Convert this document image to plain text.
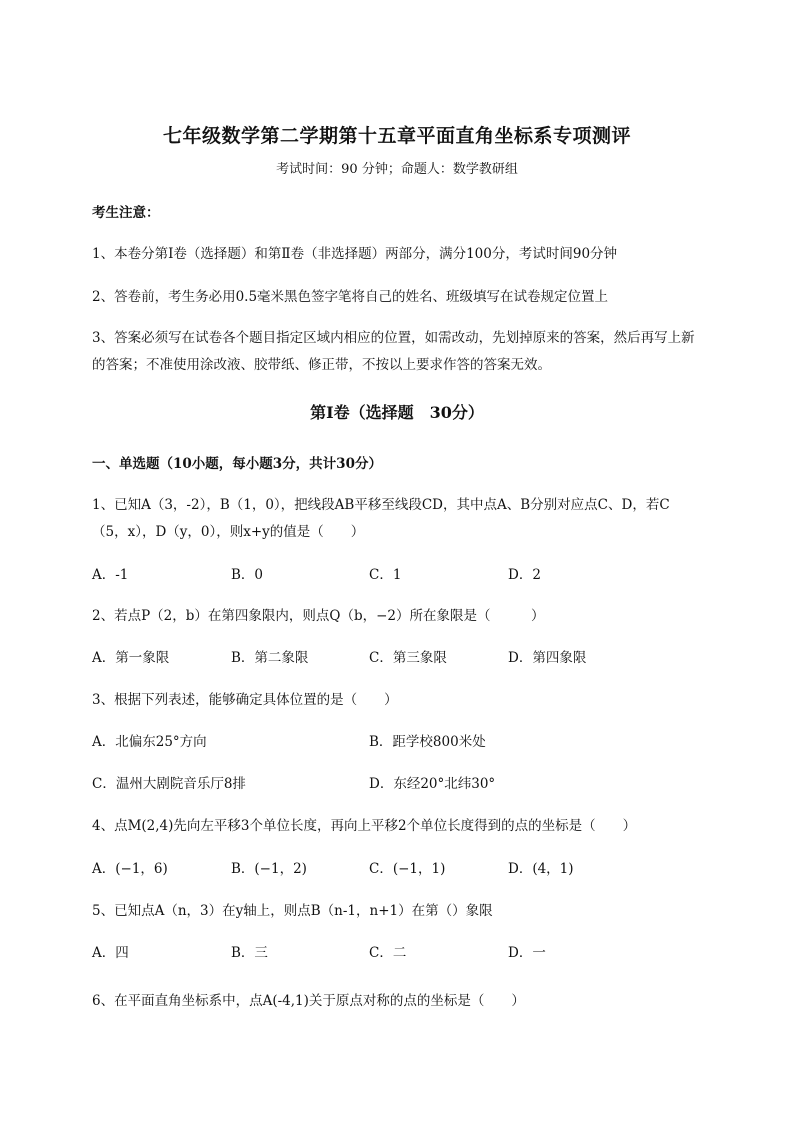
七年级数学第二学期第十五章平面直角坐标系专项测评
考试时间：90 分钟；命题人：数学教研组
考生注意：
1、本卷分第Ⅰ卷（选择题）和第Ⅱ卷（非选择题）两部分，满分100分，考试时间90分钟
2、答卷前，考生务必用0.5毫米黑色签字笔将自己的姓名、班级填写在试卷规定位置上
3、答案必须写在试卷各个题目指定区域内相应的位置，如需改动，先划掉原来的答案，然后再写上新
的答案；不准使用涂改液、胶带纸、修正带，不按以上要求作答的答案无效。
第Ⅰ卷（选择题　30分）
一、单选题（10小题，每小题3分，共计30分）
1、已知A（3，-2），B（1，0），把线段AB平移至线段CD，其中点A、B分别对应点C、D，若C
（5，x），D（y，0），则x+y的值是（　　）
A．-1	B．0	C．1	D．2
2、若点P（2，b）在第四象限内，则点Q（b，−2）所在象限是（　　　）
A．第一象限	B．第二象限	C．第三象限	D．第四象限
3、根据下列表述，能够确定具体位置的是（　　）
A．北偏东25°方向	B．距学校800米处
C．温州大剧院音乐厅8排	D．东经20°北纬30°
4、点M(2,4)先向左平移3个单位长度，再向上平移2个单位长度得到的点的坐标是（　　）
A．(−1，6)	B．(−1，2)	C．(−1，1)	D．(4，1)
5、已知点A（n，3）在y轴上，则点B（n-1，n+1）在第（）象限
A．四	B．三	C．二	D．一
6、在平面直角坐标系中，点A(-4,1)关于原点对称的点的坐标是（　　）
